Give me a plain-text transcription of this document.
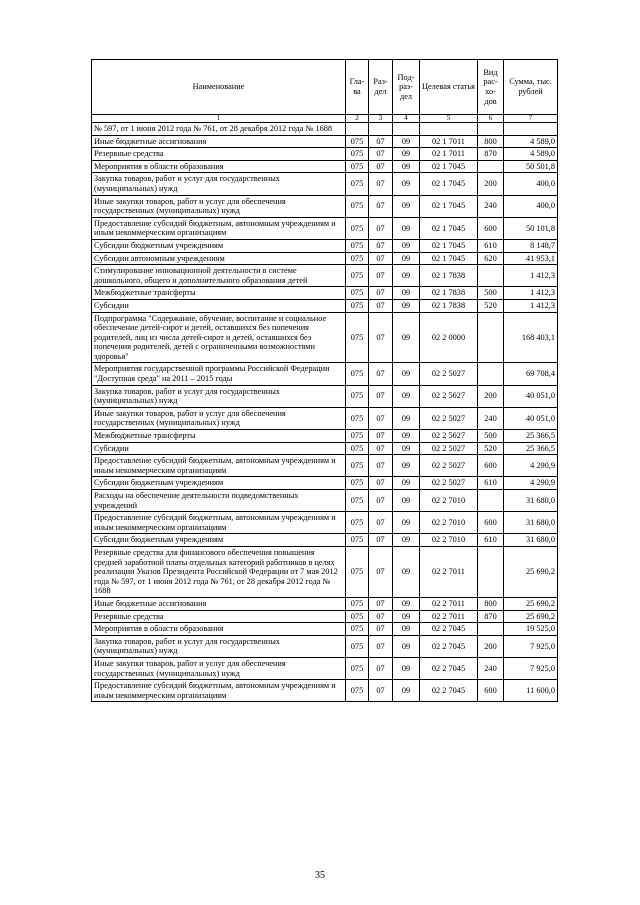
Наименование	Гла-ва	Раз-дел	Под-раз-дел	Целевая статья	Вид рас-хо-дов	Сумма, тыс. рублей
1	2	3	4	5	6	7
№ 597, от 1 июня 2012 года № 761, от 28 декабря 2012 года № 1688						
Иные бюджетные ассигнования	075	07	09	02 1 7011	800	4 589,0
Резервные средства	075	07	09	02 1 7011	870	4 589,0
Мероприятия в области образования	075	07	09	02 1 7045		50 501,8
Закупка товаров, работ и услуг для государственных (муниципальных) нужд	075	07	09	02 1 7045	200	400,0
Иные закупки товаров, работ и услуг для обеспечения государственных (муниципальных) нужд	075	07	09	02 1 7045	240	400,0
Предоставление субсидий бюджетным, автономным учреждениям и иным некоммерческим организациям	075	07	09	02 1 7045	600	50 101,8
Субсидии бюджетным учреждениям	075	07	09	02 1 7045	610	8 148,7
Субсидии автономным учреждениям	075	07	09	02 1 7045	620	41 953,1
Стимулирование инновационной деятельности в системе дошкольного, общего и дополнительного образования детей	075	07	09	02 1 7838		1 412,3
Межбюджетные трансферты	075	07	09	02 1 7838	500	1 412,3
Субсидии	075	07	09	02 1 7838	520	1 412,3
Подпрограмма "Содержание, обучение, воспитание и социальное обеспечение детей-сирот и детей, оставшихся без попечения родителей, лиц из числа детей-сирот и детей, оставшихся без попечения родителей, детей с ограниченными возможностями здоровья"	075	07	09	02 2 0000		168 403,1
Мероприятия государственной программы Российской Федерации "Доступная среда" на 2011 – 2015 годы	075	07	09	02 2 5027		69 708,4
Закупка товаров, работ и услуг для государственных (муниципальных) нужд	075	07	09	02 2 5027	200	40 051,0
Иные закупки товаров, работ и услуг для обеспечения государственных (муниципальных) нужд	075	07	09	02 2 5027	240	40 051,0
Межбюджетные трансферты	075	07	09	02 2 5027	500	25 366,5
Субсидии	075	07	09	02 2 5027	520	25 366,5
Предоставление субсидий бюджетным, автономным учреждениям и иным некоммерческим организациям	075	07	09	02 2 5027	600	4 290,9
Субсидии бюджетным учреждениям	075	07	09	02 2 5027	610	4 290,9
Расходы на обеспечение деятельности подведомственных учреждений	075	07	09	02 2 7010		31 680,0
Предоставление субсидий бюджетным, автономным учреждениям и иным некоммерческим организациям	075	07	09	02 2 7010	600	31 680,0
Субсидии бюджетным учреждениям	075	07	09	02 2 7010	610	31 680,0
Резервные средства для финансового обеспечения повышения средней заработной платы отдельных категорий работников в целях реализации Указов Президента Российской Федерации от 7 мая 2012 года № 597, от 1 июня 2012 года № 761, от 28 декабря 2012 года № 1688	075	07	09	02 2 7011		25 690,2
Иные бюджетные ассигнования	075	07	09	02 2 7011	800	25 690,2
Резервные средства	075	07	09	02 2 7011	870	25 690,2
Мероприятия в области образования	075	07	09	02 2 7045		19 525,0
Закупка товаров, работ и услуг для государственных (муниципальных) нужд	075	07	09	02 2 7045	200	7 925,0
Иные закупки товаров, работ и услуг для обеспечения государственных (муниципальных) нужд	075	07	09	02 2 7045	240	7 925,0
Предоставление субсидий бюджетным, автономным учреждениям и иным некоммерческим организациям	075	07	09	02 2 7045	600	11 600,0
35
